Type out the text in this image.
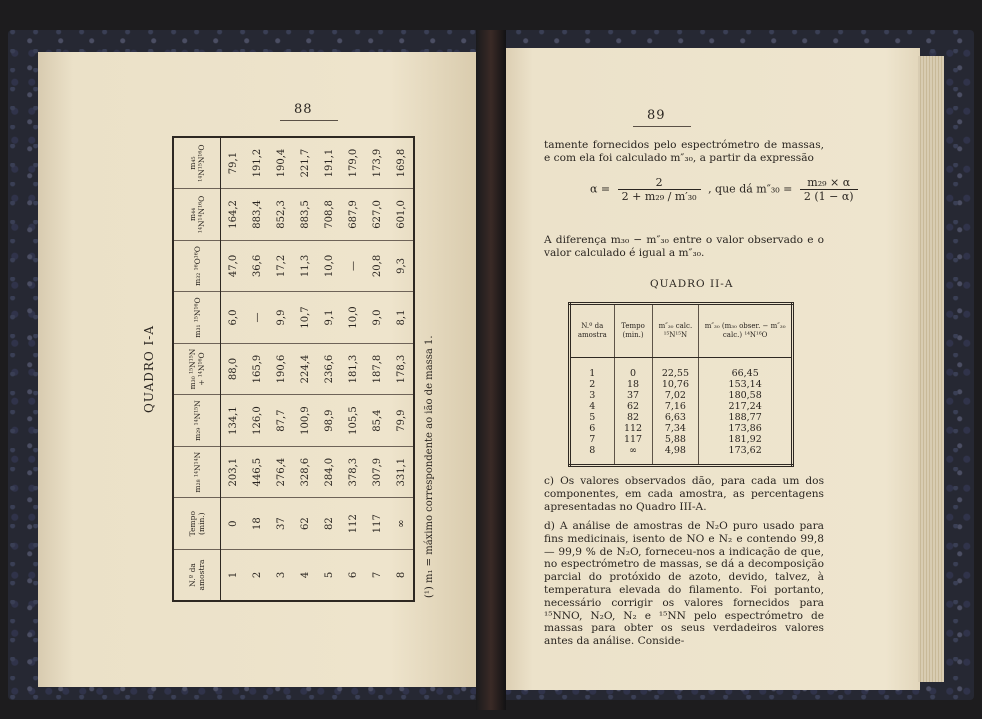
88
QUADRO I-A
N.º da amostra	Tempo (min.)	m₂₈ ¹⁴N¹⁴N	m₂₉ ¹⁴N¹⁵N	m₃₀ ¹⁵N¹⁵N + ¹⁴N¹⁶O	m₃₁ ¹⁵N¹⁶O	m₃₂ ¹⁶O¹⁶O	m₄₄ ¹⁴N¹⁴N¹⁶O	m₄₅ ¹⁴N¹⁵N¹⁶O
1	0	203,1	134,1	88,0	6,0	47,0	164,2	79,1
2	18	446,5	126,0	165,9	—	36,6	883,4	191,2
3	37	276,4	87,7	190,6	9,9	17,2	852,3	190,4
4	62	328,6	100,9	224,4	10,7	11,3	883,5	221,7
5	82	284,0	98,9	236,6	9,1	10,0	708,8	191,1
6	112	378,3	105,5	181,3	10,0	—	687,9	179,0
7	117	307,9	85,4	187,8	9,0	20,8	627,0	173,9
8	∞	331,1	79,9	178,3	8,1	9,3	601,0	169,8
(¹) m₁ = máximo correspondente ao ião de massa 1.
89
tamente fornecidos pelo espectrómetro de massas, e com ela foi calculado m″₃₀, a partir da expressão
$\alpha = \frac{2}{\text{2 + m₂₉ / m′₃₀}}$ , que dá $m''_{30} = \frac{\text{m₂₉ × α}}{2 (1 - \alpha)}$
A diferença m₃₀ − m″₃₀ entre o valor observado e o valor calculado é igual a m″₃₀.
QUADRO II-A
N.º da amostra	Tempo (min.)	m″₃₀ calc. ¹⁵N¹⁵N	m″₃₀ (m₃₀ obser. − m″₃₀ calc.) ¹⁴N¹⁶O
1	0	22,55	66,45
2	18	10,76	153,14
3	37	7,02	180,58
4	62	7,16	217,24
5	82	6,63	188,77
6	112	7,34	173,86
7	117	5,88	181,92
8	∞	4,98	173,62
c) Os valores observados dão, para cada um dos componentes, em cada amostra, as percentagens apresentadas no Quadro III-A.
d) A análise de amostras de N₂O puro usado para fins medicinais, isento de NO e N₂ e contendo 99,8 — 99,9 % de N₂O, forneceu-nos a indicação de que, no espectrómetro de massas, se dá a decomposição parcial do protóxido de azoto, devido, talvez, à temperatura elevada do filamento. Foi portanto, necessário corrigir os valores fornecidos para ¹⁵NNO, N₂O, N₂ e ¹⁵NN pelo espectrómetro de massas para obter os seus verdadeiros valores antes da análise. Conside-
